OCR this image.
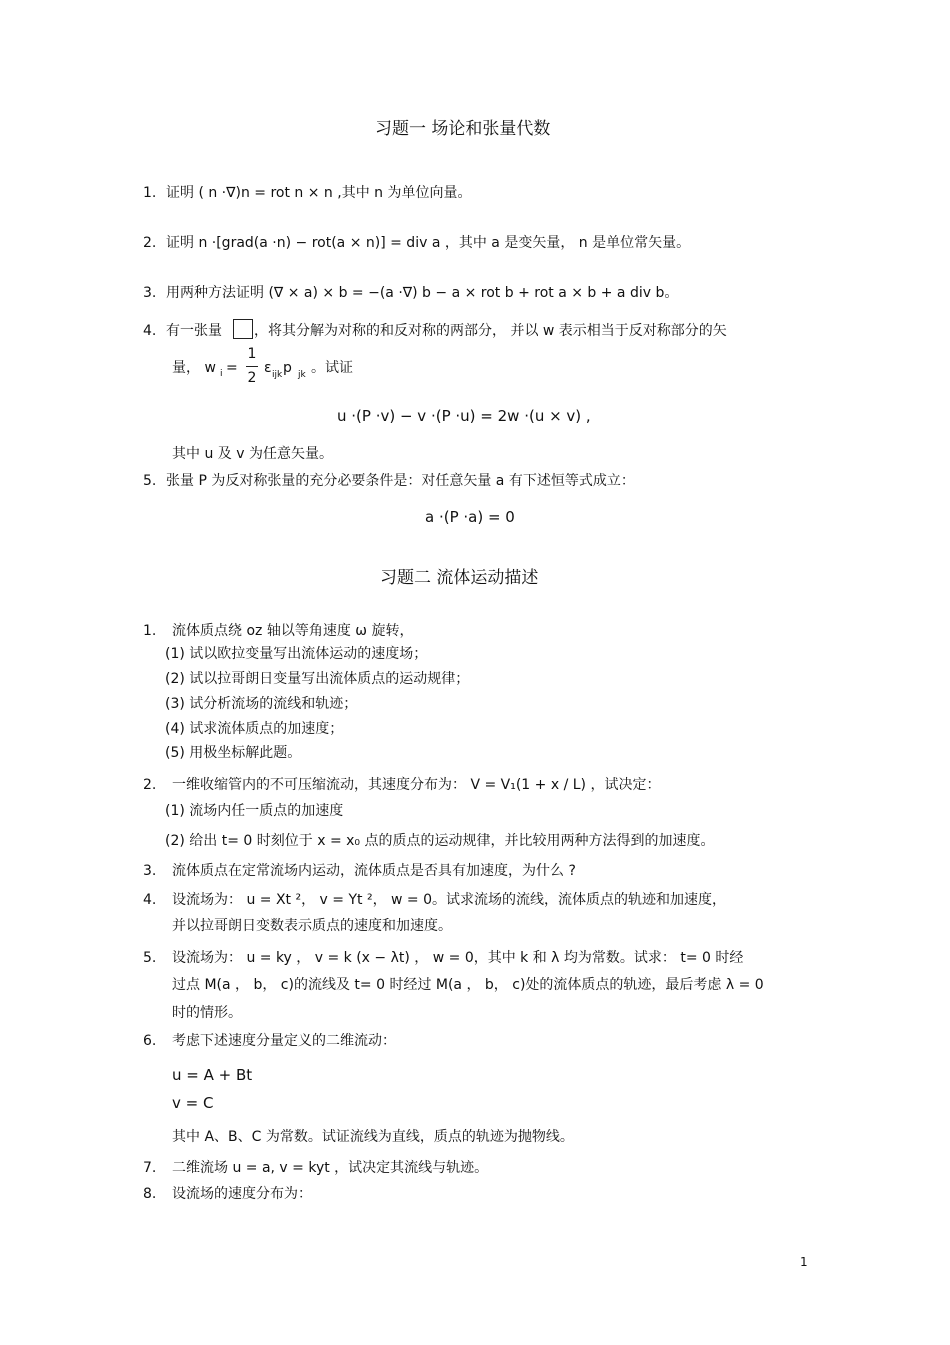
习题一 场论和张量代数
1. 证明 ( n ·∇)n = rot n × n ,其中 n 为单位向量。
2. 证明 n ·[grad(a ·n) − rot(a × n)] = div a ，其中 a 是变矢量， n 是单位常矢量。
3. 用两种方法证明 (∇ × a) × b = −(a ·∇) b − a × rot b + rot a × b + a div b。
4. 有一张量 ，将其分解为对称的和反对称的两部分， 并以 w 表示相当于反对称部分的矢
量， w i =
1
2
ε ijk p jk 。试证
u ·(P ·v) − v ·(P ·u) = 2w ·(u × v) ,
其中 u 及 v 为任意矢量。
5. 张量 P 为反对称张量的充分必要条件是：对任意矢量 a 有下述恒等式成立：
a ·(P ·a) = 0
习题二 流体运动描述
1. 流体质点绕 oz 轴以等角速度 ω 旋转，
(1) 试以欧拉变量写出流体运动的速度场；
(2) 试以拉哥朗日变量写出流体质点的运动规律；
(3) 试分析流场的流线和轨迹；
(4) 试求流体质点的加速度；
(5) 用极坐标解此题。
2. 一维收缩管内的不可压缩流动，其速度分布为： V = V₁(1 + x / L) ，试决定：
(1) 流场内任一质点的加速度
(2) 给出 t= 0 时刻位于 x = x₀ 点的质点的运动规律，并比较用两种方法得到的加速度。
3. 流体质点在定常流场内运动，流体质点是否具有加速度，为什么 ?
4. 设流场为： u = Xt ²， v = Yt ²， w = 0。试求流场的流线，流体质点的轨迹和加速度，
并以拉哥朗日变数表示质点的速度和加速度。
5. 设流场为： u = ky ， v = k (x − λt) ， w = 0，其中 k 和 λ 均为常数。试求： t= 0 时经
过点 M(a ， b， c)的流线及 t= 0 时经过 M(a ， b， c)处的流体质点的轨迹，最后考虑 λ = 0
时的情形。
6. 考虑下述速度分量定义的二维流动：
u = A + Bt
v = C
其中 A、B、C 为常数。试证流线为直线，质点的轨迹为抛物线。
7. 二维流场 u = a, v = kyt ，试决定其流线与轨迹。
8. 设流场的速度分布为：
1
